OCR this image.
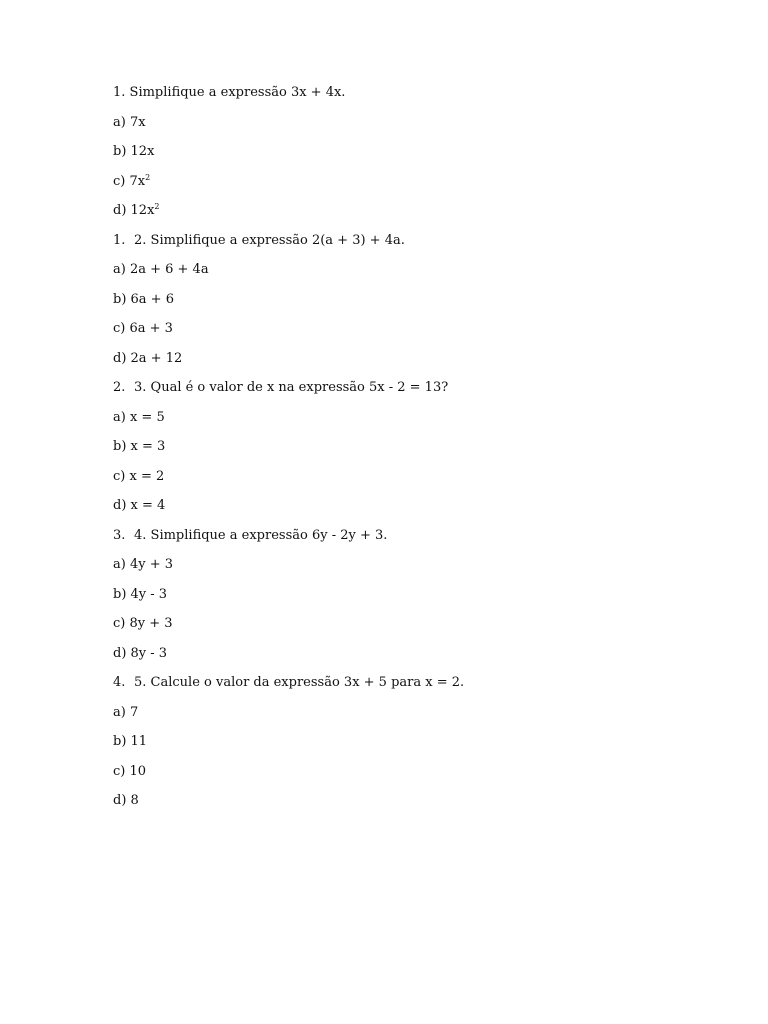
1. Simplifique a expressão 3x + 4x.
a) 7x
b) 12x
c) $7x^2$
d) $12x^2$
1. 2. Simplifique a expressão 2(a + 3) + 4a.
a) 2a + 6 + 4a
b) 6a + 6
c) 6a + 3
d) 2a + 12
2. 3. Qual é o valor de x na expressão 5x - 2 = 13?
a) x = 5
b) x = 3
c) x = 2
d) x = 4
3. 4. Simplifique a expressão 6y - 2y + 3.
a) 4y + 3
b) 4y - 3
c) 8y + 3
d) 8y - 3
4. 5. Calcule o valor da expressão 3x + 5 para x = 2.
a) 7
b) 11
c) 10
d) 8
